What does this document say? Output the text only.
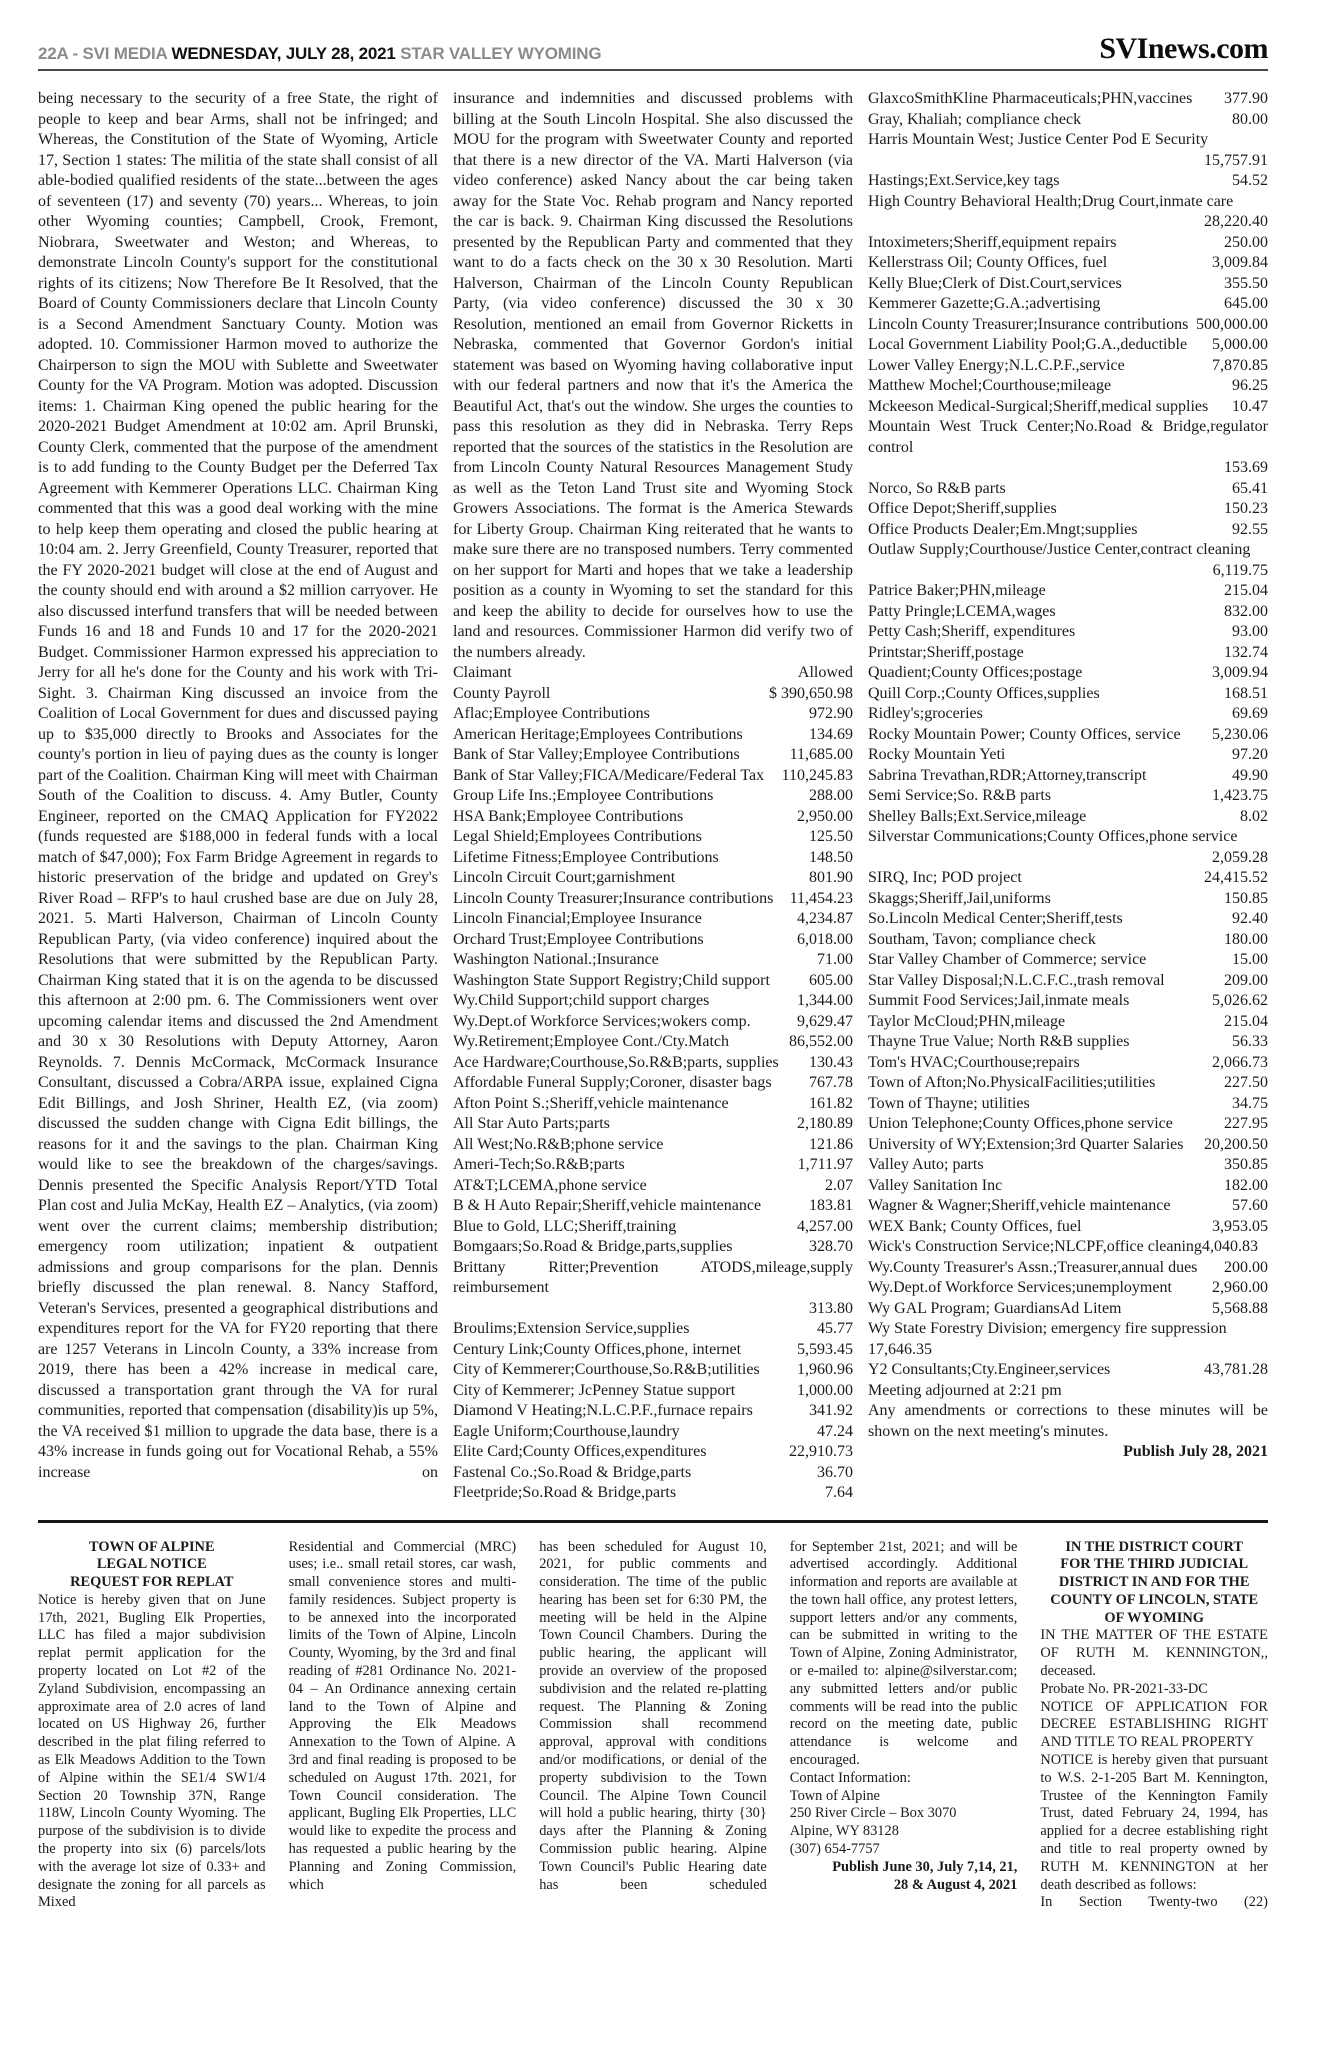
22A - SVI MEDIA WEDNESDAY, JULY 28, 2021 STAR VALLEY WYOMING	SVInews.com
being necessary to the security of a free State, the right of people to keep and bear Arms, shall not be infringed; and Whereas, the Constitution of the State of Wyoming, Article 17, Section 1 states: The militia of the state shall consist of all able-bodied qualified residents of the state...between the ages of seventeen (17) and seventy (70) years... Whereas, to join other Wyoming counties; Campbell, Crook, Fremont, Niobrara, Sweetwater and Weston; and Whereas, to demonstrate Lincoln County's support for the constitutional rights of its citizens; Now Therefore Be It Resolved, that the Board of County Commissioners declare that Lincoln County is a Second Amendment Sanctuary County. Motion was adopted. 10. Commissioner Harmon moved to authorize the Chairperson to sign the MOU with Sublette and Sweetwater County for the VA Program. Motion was adopted. Discussion items: 1. Chairman King opened the public hearing for the 2020-2021 Budget Amendment at 10:02 am. April Brunski, County Clerk, commented that the purpose of the amendment is to add funding to the County Budget per the Deferred Tax Agreement with Kemmerer Operations LLC. Chairman King commented that this was a good deal working with the mine to help keep them operating and closed the public hearing at 10:04 am. 2. Jerry Greenfield, County Treasurer, reported that the FY 2020-2021 budget will close at the end of August and the county should end with around a $2 million carryover. He also discussed interfund transfers that will be needed between Funds 16 and 18 and Funds 10 and 17 for the 2020-2021 Budget. Commissioner Harmon expressed his appreciation to Jerry for all he's done for the County and his work with Tri-Sight. 3. Chairman King discussed an invoice from the Coalition of Local Government for dues and discussed paying up to $35,000 directly to Brooks and Associates for the county's portion in lieu of paying dues as the county is longer part of the Coalition. Chairman King will meet with Chairman South of the Coalition to discuss. 4. Amy Butler, County Engineer, reported on the CMAQ Application for FY2022 (funds requested are $188,000 in federal funds with a local match of $47,000); Fox Farm Bridge Agreement in regards to historic preservation of the bridge and updated on Grey's River Road – RFP's to haul crushed base are due on July 28, 2021. 5. Marti Halverson, Chairman of Lincoln County Republican Party, (via video conference) inquired about the Resolutions that were submitted by the Republican Party. Chairman King stated that it is on the agenda to be discussed this afternoon at 2:00 pm. 6. The Commissioners went over upcoming calendar items and discussed the 2nd Amendment and 30 x 30 Resolutions with Deputy Attorney, Aaron Reynolds. 7. Dennis McCormack, McCormack Insurance Consultant, discussed a Cobra/ARPA issue, explained Cigna Edit Billings, and Josh Shriner, Health EZ, (via zoom) discussed the sudden change with Cigna Edit billings, the reasons for it and the savings to the plan. Chairman King would like to see the breakdown of the charges/savings. Dennis presented the Specific Analysis Report/YTD Total Plan cost and Julia McKay, Health EZ – Analytics, (via zoom) went over the current claims; membership distribution; emergency room utilization; inpatient & outpatient admissions and group comparisons for the plan. Dennis briefly discussed the plan renewal. 8. Nancy Stafford, Veteran's Services, presented a geographical distributions and expenditures report for the VA for FY20 reporting that there are 1257 Veterans in Lincoln County, a 33% increase from 2019, there has been a 42% increase in medical care, discussed a transportation grant through the VA for rural communities, reported that compensation (disability)is up 5%, the VA received $1 million to upgrade the data base, there is a 43% increase in funds going out for Vocational Rehab, a 55% increase on
insurance and indemnities and discussed problems with billing at the South Lincoln Hospital. She also discussed the MOU for the program with Sweetwater County and reported that there is a new director of the VA. Marti Halverson (via video conference) asked Nancy about the car being taken away for the State Voc. Rehab program and Nancy reported the car is back. 9. Chairman King discussed the Resolutions presented by the Republican Party and commented that they want to do a facts check on the 30 x 30 Resolution. Marti Halverson, Chairman of the Lincoln County Republican Party, (via video conference) discussed the 30 x 30 Resolution, mentioned an email from Governor Ricketts in Nebraska, commented that Governor Gordon's initial statement was based on Wyoming having collaborative input with our federal partners and now that it's the America the Beautiful Act, that's out the window. She urges the counties to pass this resolution as they did in Nebraska. Terry Reps reported that the sources of the statistics in the Resolution are from Lincoln County Natural Resources Management Study as well as the Teton Land Trust site and Wyoming Stock Growers Associations. The format is the America Stewards for Liberty Group. Chairman King reiterated that he wants to make sure there are no transposed numbers. Terry commented on her support for Marti and hopes that we take a leadership position as a county in Wyoming to set the standard for this and keep the ability to decide for ourselves how to use the land and resources. Commissioner Harmon did verify two of the numbers already.
Claimant	Allowed
County Payroll	$ 390,650.98
Aflac;Employee Contributions	972.90
American Heritage;Employees Contributions	134.69
Bank of Star Valley;Employee Contributions	11,685.00
Bank of Star Valley;FICA/Medicare/Federal Tax 110,245.83
Group Life Ins.;Employee Contributions	288.00
HSA Bank;Employee Contributions	2,950.00
Legal Shield;Employees Contributions	125.50
Lifetime Fitness;Employee Contributions	148.50
Lincoln Circuit Court;garnishment	801.90
Lincoln County Treasurer;Insurance contributions 11,454.23
Lincoln Financial;Employee Insurance	4,234.87
Orchard Trust;Employee Contributions	6,018.00
Washington National.;Insurance	71.00
Washington State Support Registry;Child support 605.00
Wy.Child Support;child support charges	1,344.00
Wy.Dept.of Workforce Services;wokers comp.	9,629.47
Wy.Retirement;Employee Cont./Cty.Match	86,552.00
Ace Hardware;Courthouse,So.R&B;parts, supplies 130.43
Affordable Funeral Supply;Coroner, disaster bags 767.78
Afton Point S.;Sheriff,vehicle maintenance	161.82
All Star Auto Parts;parts	2,180.89
All West;No.R&B;phone service	121.86
Ameri-Tech;So.R&B;parts	1,711.97
AT&T;LCEMA,phone service	2.07
B & H Auto Repair;Sheriff,vehicle maintenance	183.81
Blue to Gold, LLC;Sheriff,training	4,257.00
Bomgaars;So.Road & Bridge,parts,supplies	328.70
Brittany Ritter;Prevention ATODS,mileage,supply reimbursement
313.80
Broulims;Extension Service,supplies	45.77
Century Link;County Offices,phone, internet	5,593.45
City of Kemmerer;Courthouse,So.R&B;utilities 1,960.96
City of Kemmerer; JcPenney Statue support	1,000.00
Diamond V Heating;N.L.C.P.F.,furnace repairs	341.92
Eagle Uniform;Courthouse,laundry	47.24
Elite Card;County Offices,expenditures	22,910.73
Fastenal Co.;So.Road & Bridge,parts	36.70
Fleetpride;So.Road & Bridge,parts	7.64
GlaxcoSmithKline Pharmaceuticals;PHN,vaccines 377.90
Gray, Khaliah; compliance check	80.00
Harris Mountain West; Justice Center Pod E Security
15,757.91
Hastings;Ext.Service,key tags	54.52
High Country Behavioral Health;Drug Court,inmate care
28,220.40
Intoximeters;Sheriff,equipment repairs	250.00
Kellerstrass Oil; County Offices, fuel	3,009.84
Kelly Blue;Clerk of Dist.Court,services	355.50
Kemmerer Gazette;G.A.;advertising	645.00
Lincoln County Treasurer;Insurance contributions 500,000.00
Local Government Liability Pool;G.A.,deductible 5,000.00
Lower Valley Energy;N.L.C.P.F.,service	7,870.85
Matthew Mochel;Courthouse;mileage	96.25
Mckeeson Medical-Surgical;Sheriff,medical supplies 10.47
Mountain West Truck Center;No.Road & Bridge,regulator control
153.69
Norco, So R&B parts	65.41
Office Depot;Sheriff,supplies	150.23
Office Products Dealer;Em.Mngt;supplies	92.55
Outlaw Supply;Courthouse/Justice Center,contract cleaning
6,119.75
Patrice Baker;PHN,mileage	215.04
Patty Pringle;LCEMA,wages	832.00
Petty Cash;Sheriff, expenditures	93.00
Printstar;Sheriff,postage	132.74
Quadient;County Offices;postage	3,009.94
Quill Corp.;County Offices,supplies	168.51
Ridley's;groceries	69.69
Rocky Mountain Power; County Offices, service 5,230.06
Rocky Mountain Yeti	97.20
Sabrina Trevathan,RDR;Attorney,transcript	49.90
Semi Service;So. R&B parts	1,423.75
Shelley Balls;Ext.Service,mileage	8.02
Silverstar Communications;County Offices,phone service
2,059.28
SIRQ, Inc; POD project	24,415.52
Skaggs;Sheriff,Jail,uniforms	150.85
So.Lincoln Medical Center;Sheriff,tests	92.40
Southam, Tavon; compliance check	180.00
Star Valley Chamber of Commerce; service	15.00
Star Valley Disposal;N.L.C.F.C.,trash removal	209.00
Summit Food Services;Jail,inmate meals	5,026.62
Taylor McCloud;PHN,mileage	215.04
Thayne True Value; North R&B supplies	56.33
Tom's HVAC;Courthouse;repairs	2,066.73
Town of Afton;No.PhysicalFacilities;utilities	227.50
Town of Thayne; utilities	34.75
Union Telephone;County Offices,phone service	227.95
University of WY;Extension;3rd Quarter Salaries 20,200.50
Valley Auto; parts	350.85
Valley Sanitation Inc	182.00
Wagner & Wagner;Sheriff,vehicle maintenance	57.60
WEX Bank; County Offices, fuel	3,953.05
Wick's Construction Service;NLCPF,office cleaning 4,040.83
Wy.County Treasurer's Assn.;Treasurer,annual dues 200.00
Wy.Dept.of Workforce Services;unemployment	2,960.00
Wy GAL Program; GuardiansAd Litem	5,568.88
Wy State Forestry Division; emergency fire suppression
17,646.35
Y2 Consultants;Cty.Engineer,services	43,781.28
Meeting adjourned at 2:21 pm
Any amendments or corrections to these minutes will be shown on the next meeting's minutes.
Publish July 28, 2021
TOWN OF ALPINE
LEGAL NOTICE
REQUEST FOR REPLAT
Notice is hereby given that on June 17th, 2021, Bugling Elk Properties, LLC has filed a major subdivision replat permit application for the property located on Lot #2 of the Zyland Subdivision, encompassing an approximate area of 2.0 acres of land located on US Highway 26, further described in the plat filing referred to as Elk Meadows Addition to the Town of Alpine within the SE1/4 SW1/4 Section 20 Township 37N, Range 118W, Lincoln County Wyoming. The purpose of the subdivision is to divide the property into six (6) parcels/lots with the average lot size of 0.33+ and designate the zoning for all parcels as Mixed
Residential and Commercial (MRC) uses; i.e.. small retail stores, car wash, small convenience stores and multi-family residences. Subject property is to be annexed into the incorporated limits of the Town of Alpine, Lincoln County, Wyoming, by the 3rd and final reading of #281 Ordinance No. 2021-04 – An Ordinance annexing certain land to the Town of Alpine and Approving the Elk Meadows Annexation to the Town of Alpine. A 3rd and final reading is proposed to be scheduled on August 17th. 2021, for Town Council consideration. The applicant, Bugling Elk Properties, LLC would like to expedite the process and has requested a public hearing by the Planning and Zoning Commission, which
has been scheduled for August 10, 2021, for public comments and consideration. The time of the public hearing has been set for 6:30 PM, the meeting will be held in the Alpine Town Council Chambers. During the public hearing, the applicant will provide an overview of the proposed subdivision and the related re-platting request. The Planning & Zoning Commission shall recommend approval, approval with conditions and/or modifications, or denial of the property subdivision to the Town Council. The Alpine Town Council will hold a public hearing, thirty {30} days after the Planning & Zoning Commission public hearing. Alpine Town Council's Public Hearing date has been scheduled
for September 21st, 2021; and will be advertised accordingly. Additional information and reports are available at the town hall office, any protest letters, support letters and/or any comments, can be submitted in writing to the Town of Alpine, Zoning Administrator, or e-mailed to: alpine@silverstar.com; any submitted letters and/or public comments will be read into the public record on the meeting date, public attendance is welcome and encouraged.
Contact Information:
Town of Alpine
250 River Circle – Box 3070
Alpine, WY 83128
(307) 654-7757
Publish June 30, July 7,14, 21,
28 & August 4, 2021
IN THE DISTRICT COURT
FOR THE THIRD JUDICIAL
DISTRICT IN AND FOR THE
COUNTY OF LINCOLN, STATE
OF WYOMING
IN THE MATTER OF THE ESTATE OF RUTH M. KENNINGTON,, deceased.
Probate No. PR-2021-33-DC
NOTICE OF APPLICATION FOR DECREE ESTABLISHING RIGHT AND TITLE TO REAL PROPERTY
NOTICE is hereby given that pursuant to W.S. 2-1-205 Bart M. Kennington, Trustee of the Kennington Family Trust, dated February 24, 1994, has applied for a decree establishing right and title to real property owned by RUTH M. KENNINGTON at her death described as follows:
In Section Twenty-two (22)
